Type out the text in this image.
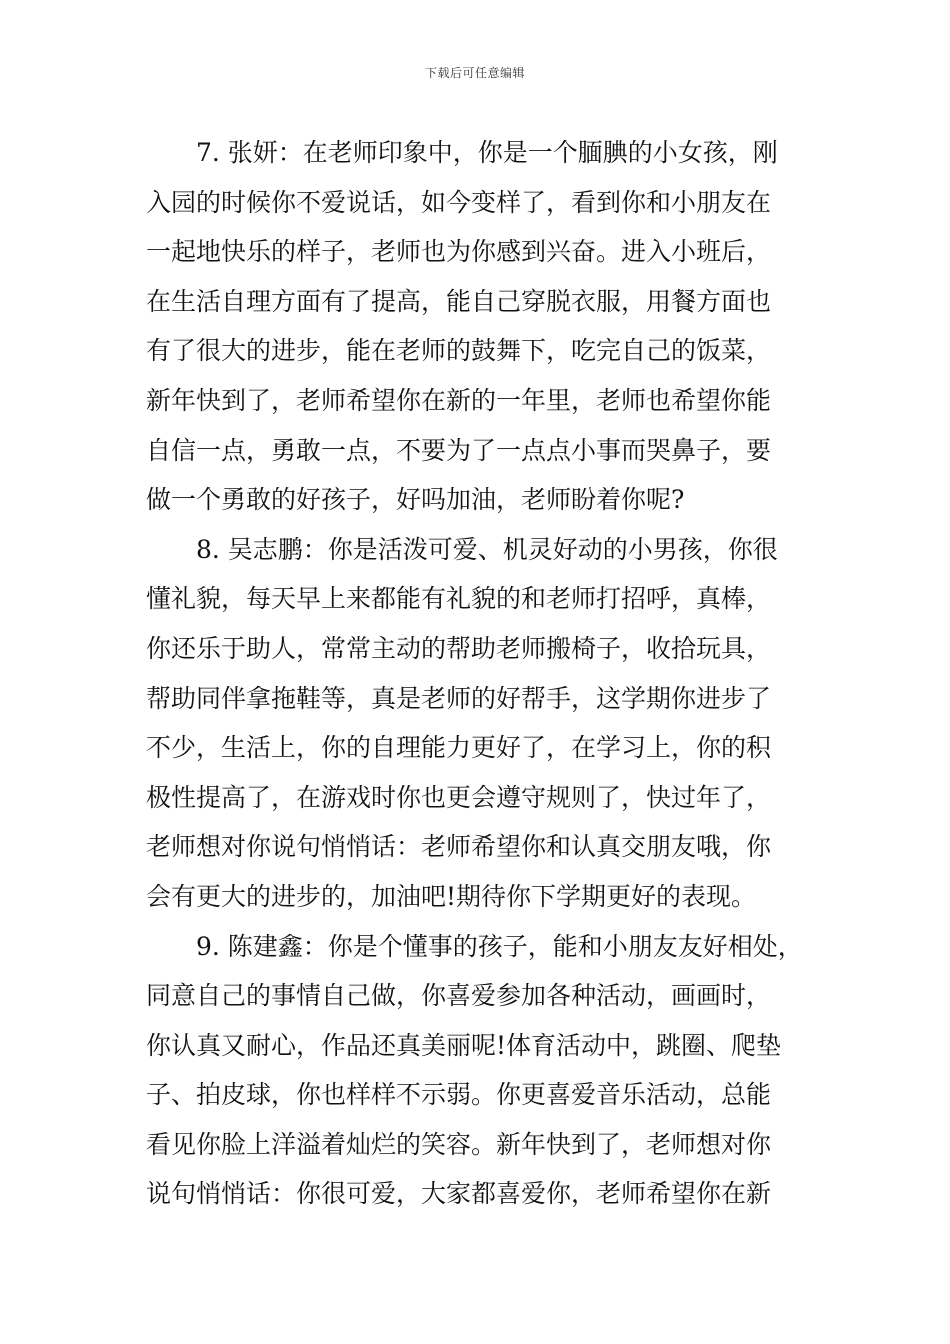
下载后可任意编辑
7. 张妍：在老师印象中，你是一个腼腆的小女孩，刚
入园的时候你不爱说话，如今变样了，看到你和小朋友在
一起地快乐的样子，老师也为你感到兴奋。进入小班后，
在生活自理方面有了提高，能自己穿脱衣服，用餐方面也
有了很大的进步，能在老师的鼓舞下，吃完自己的饭菜，
新年快到了，老师希望你在新的一年里，老师也希望你能
自信一点，勇敢一点，不要为了一点点小事而哭鼻子，要
做一个勇敢的好孩子，好吗加油，老师盼着你呢?
8. 吴志鹏：你是活泼可爱、机灵好动的小男孩，你很
懂礼貌，每天早上来都能有礼貌的和老师打招呼，真棒，
你还乐于助人，常常主动的帮助老师搬椅子，收拾玩具，
帮助同伴拿拖鞋等，真是老师的好帮手，这学期你进步了
不少，生活上，你的自理能力更好了，在学习上，你的积
极性提高了，在游戏时你也更会遵守规则了，快过年了，
老师想对你说句悄悄话：老师希望你和认真交朋友哦，你
会有更大的进步的，加油吧!期待你下学期更好的表现。
9. 陈建鑫：你是个懂事的孩子，能和小朋友友好相处，
同意自己的事情自己做，你喜爱参加各种活动，画画时，
你认真又耐心，作品还真美丽呢!体育活动中，跳圈、爬垫
子、拍皮球，你也样样不示弱。你更喜爱音乐活动，总能
看见你脸上洋溢着灿烂的笑容。新年快到了，老师想对你
说句悄悄话：你很可爱，大家都喜爱你，老师希望你在新
